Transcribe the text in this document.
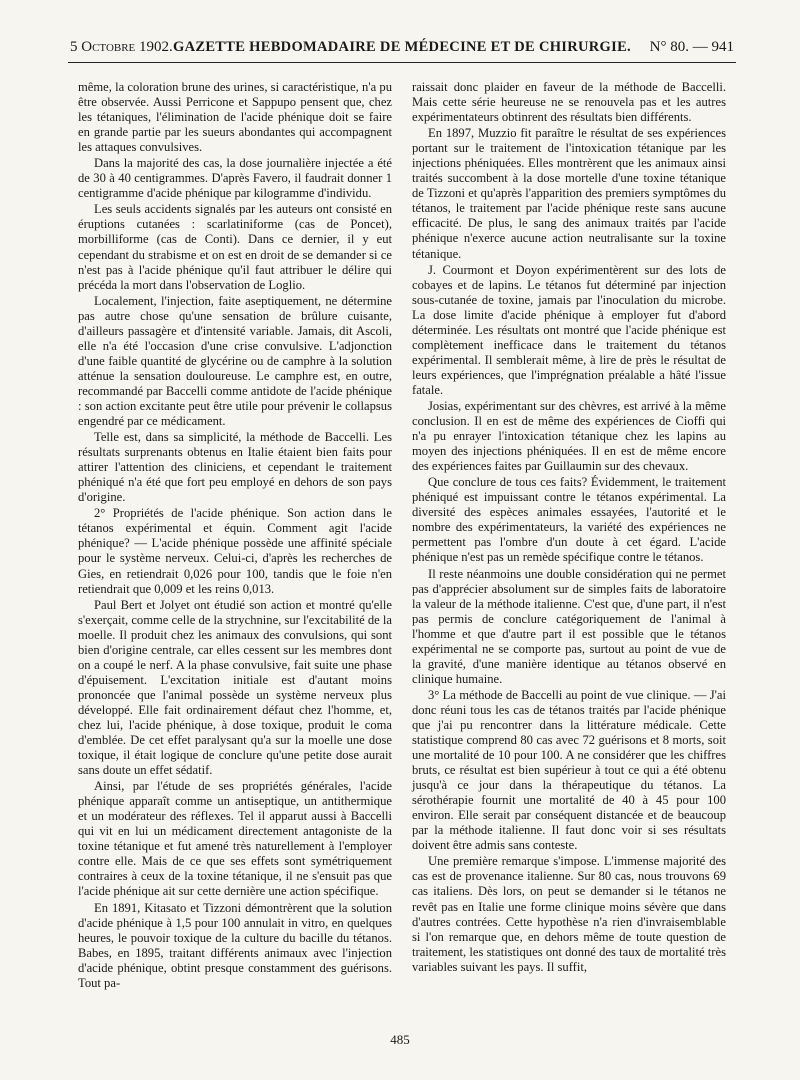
5 Octobre 1902. GAZETTE HEBDOMADAIRE DE MÉDECINE ET DE CHIRURGIE.	N° 80. — 941

même, la coloration brune des urines, si caractéristique, n'a pu être observée. Aussi Perricone et Sappupo pensent que, chez les tétaniques, l'élimination de l'acide phénique doit se faire en grande partie par les sueurs abondantes qui accompagnent les attaques convulsives.

Dans la majorité des cas, la dose journalière injectée a été de 30 à 40 centigrammes. D'après Favero, il faudrait donner 1 centigramme d'acide phénique par kilogramme d'individu.

Les seuls accidents signalés par les auteurs ont consisté en éruptions cutanées : scarlatiniforme (cas de Poncet), morbilliforme (cas de Conti). Dans ce dernier, il y eut cependant du strabisme et on est en droit de se demander si ce n'est pas à l'acide phénique qu'il faut attribuer le délire qui précéda la mort dans l'observation de Loglio.

Localement, l'injection, faite aseptiquement, ne détermine pas autre chose qu'une sensation de brûlure cuisante, d'ailleurs passagère et d'intensité variable. Jamais, dit Ascoli, elle n'a été l'occasion d'une crise convulsive. L'adjonction d'une faible quantité de glycérine ou de camphre à la solution atténue la sensation douloureuse. Le camphre est, en outre, recommandé par Baccelli comme antidote de l'acide phénique : son action excitante peut être utile pour prévenir le collapsus engendré par ce médicament.

Telle est, dans sa simplicité, la méthode de Baccelli. Les résultats surprenants obtenus en Italie étaient bien faits pour attirer l'attention des cliniciens, et cependant le traitement phéniqué n'a été que fort peu employé en dehors de son pays d'origine.

2° Propriétés de l'acide phénique. Son action dans le tétanos expérimental et équin. Comment agit l'acide phénique? — L'acide phénique possède une affinité spéciale pour le système nerveux. Celui-ci, d'après les recherches de Gies, en retiendrait 0,026 pour 100, tandis que le foie n'en retiendrait que 0,009 et les reins 0,013.

Paul Bert et Jolyet ont étudié son action et montré qu'elle s'exerçait, comme celle de la strychnine, sur l'excitabilité de la moelle. Il produit chez les animaux des convulsions, qui sont bien d'origine centrale, car elles cessent sur les membres dont on a coupé le nerf. A la phase convulsive, fait suite une phase d'épuisement. L'excitation initiale est d'autant moins prononcée que l'animal possède un système nerveux plus développé. Elle fait ordinairement défaut chez l'homme, et, chez lui, l'acide phénique, à dose toxique, produit le coma d'emblée. De cet effet paralysant qu'a sur la moelle une dose toxique, il était logique de conclure qu'une petite dose aurait sans doute un effet sédatif.

Ainsi, par l'étude de ses propriétés générales, l'acide phénique apparaît comme un antiseptique, un antithermique et un modérateur des réflexes. Tel il apparut aussi à Baccelli qui vit en lui un médicament directement antagoniste de la toxine tétanique et fut amené très naturellement à l'employer contre elle. Mais de ce que ses effets sont symétriquement contraires à ceux de la toxine tétanique, il ne s'ensuit pas que l'acide phénique ait sur cette dernière une action spécifique.

En 1891, Kitasato et Tizzoni démontrèrent que la solution d'acide phénique à 1,5 pour 100 annulait in vitro, en quelques heures, le pouvoir toxique de la culture du bacille du tétanos. Babes, en 1895, traitant différents animaux avec l'injection d'acide phénique, obtint presque constamment des guérisons. Tout pa-

raissait donc plaider en faveur de la méthode de Baccelli. Mais cette série heureuse ne se renouvela pas et les autres expérimentateurs obtinrent des résultats bien différents.

En 1897, Muzzio fit paraître le résultat de ses expériences portant sur le traitement de l'intoxication tétanique par les injections phéniquées. Elles montrèrent que les animaux ainsi traités succombent à la dose mortelle d'une toxine tétanique de Tizzoni et qu'après l'apparition des premiers symptômes du tétanos, le traitement par l'acide phénique reste sans aucune efficacité. De plus, le sang des animaux traités par l'acide phénique n'exerce aucune action neutralisante sur la toxine tétanique.

J. Courmont et Doyon expérimentèrent sur des lots de cobayes et de lapins. Le tétanos fut déterminé par injection sous-cutanée de toxine, jamais par l'inoculation du microbe. La dose limite d'acide phénique à employer fut d'abord déterminée. Les résultats ont montré que l'acide phénique est complètement inefficace dans le traitement du tétanos expérimental. Il semblerait même, à lire de près le résultat de leurs expériences, que l'imprégnation préalable a hâté l'issue fatale.

Josias, expérimentant sur des chèvres, est arrivé à la même conclusion. Il en est de même des expériences de Cioffi qui n'a pu enrayer l'intoxication tétanique chez les lapins au moyen des injections phéniquées. Il en est de même encore des expériences faites par Guillaumin sur des chevaux.

Que conclure de tous ces faits? Évidemment, le traitement phéniqué est impuissant contre le tétanos expérimental. La diversité des espèces animales essayées, l'autorité et le nombre des expérimentateurs, la variété des expériences ne permettent pas l'ombre d'un doute à cet égard. L'acide phénique n'est pas un remède spécifique contre le tétanos.

Il reste néanmoins une double considération qui ne permet pas d'apprécier absolument sur de simples faits de laboratoire la valeur de la méthode italienne. C'est que, d'une part, il n'est pas permis de conclure catégoriquement de l'animal à l'homme et que d'autre part il est possible que le tétanos expérimental ne se comporte pas, surtout au point de vue de la gravité, d'une manière identique au tétanos observé en clinique humaine.

3° La méthode de Baccelli au point de vue clinique. — J'ai donc réuni tous les cas de tétanos traités par l'acide phénique que j'ai pu rencontrer dans la littérature médicale. Cette statistique comprend 80 cas avec 72 guérisons et 8 morts, soit une mortalité de 10 pour 100. A ne considérer que les chiffres bruts, ce résultat est bien supérieur à tout ce qui a été obtenu jusqu'à ce jour dans la thérapeutique du tétanos. La sérothérapie fournit une mortalité de 40 à 45 pour 100 environ. Elle serait par conséquent distancée et de beaucoup par la méthode italienne. Il faut donc voir si ses résultats doivent être admis sans conteste.

Une première remarque s'impose. L'immense majorité des cas est de provenance italienne. Sur 80 cas, nous trouvons 69 cas italiens. Dès lors, on peut se demander si le tétanos ne revêt pas en Italie une forme clinique moins sévère que dans d'autres contrées. Cette hypothèse n'a rien d'invraisemblable si l'on remarque que, en dehors même de toute question de traitement, les statistiques ont donné des taux de mortalité très variables suivant les pays. Il suffit,

485
